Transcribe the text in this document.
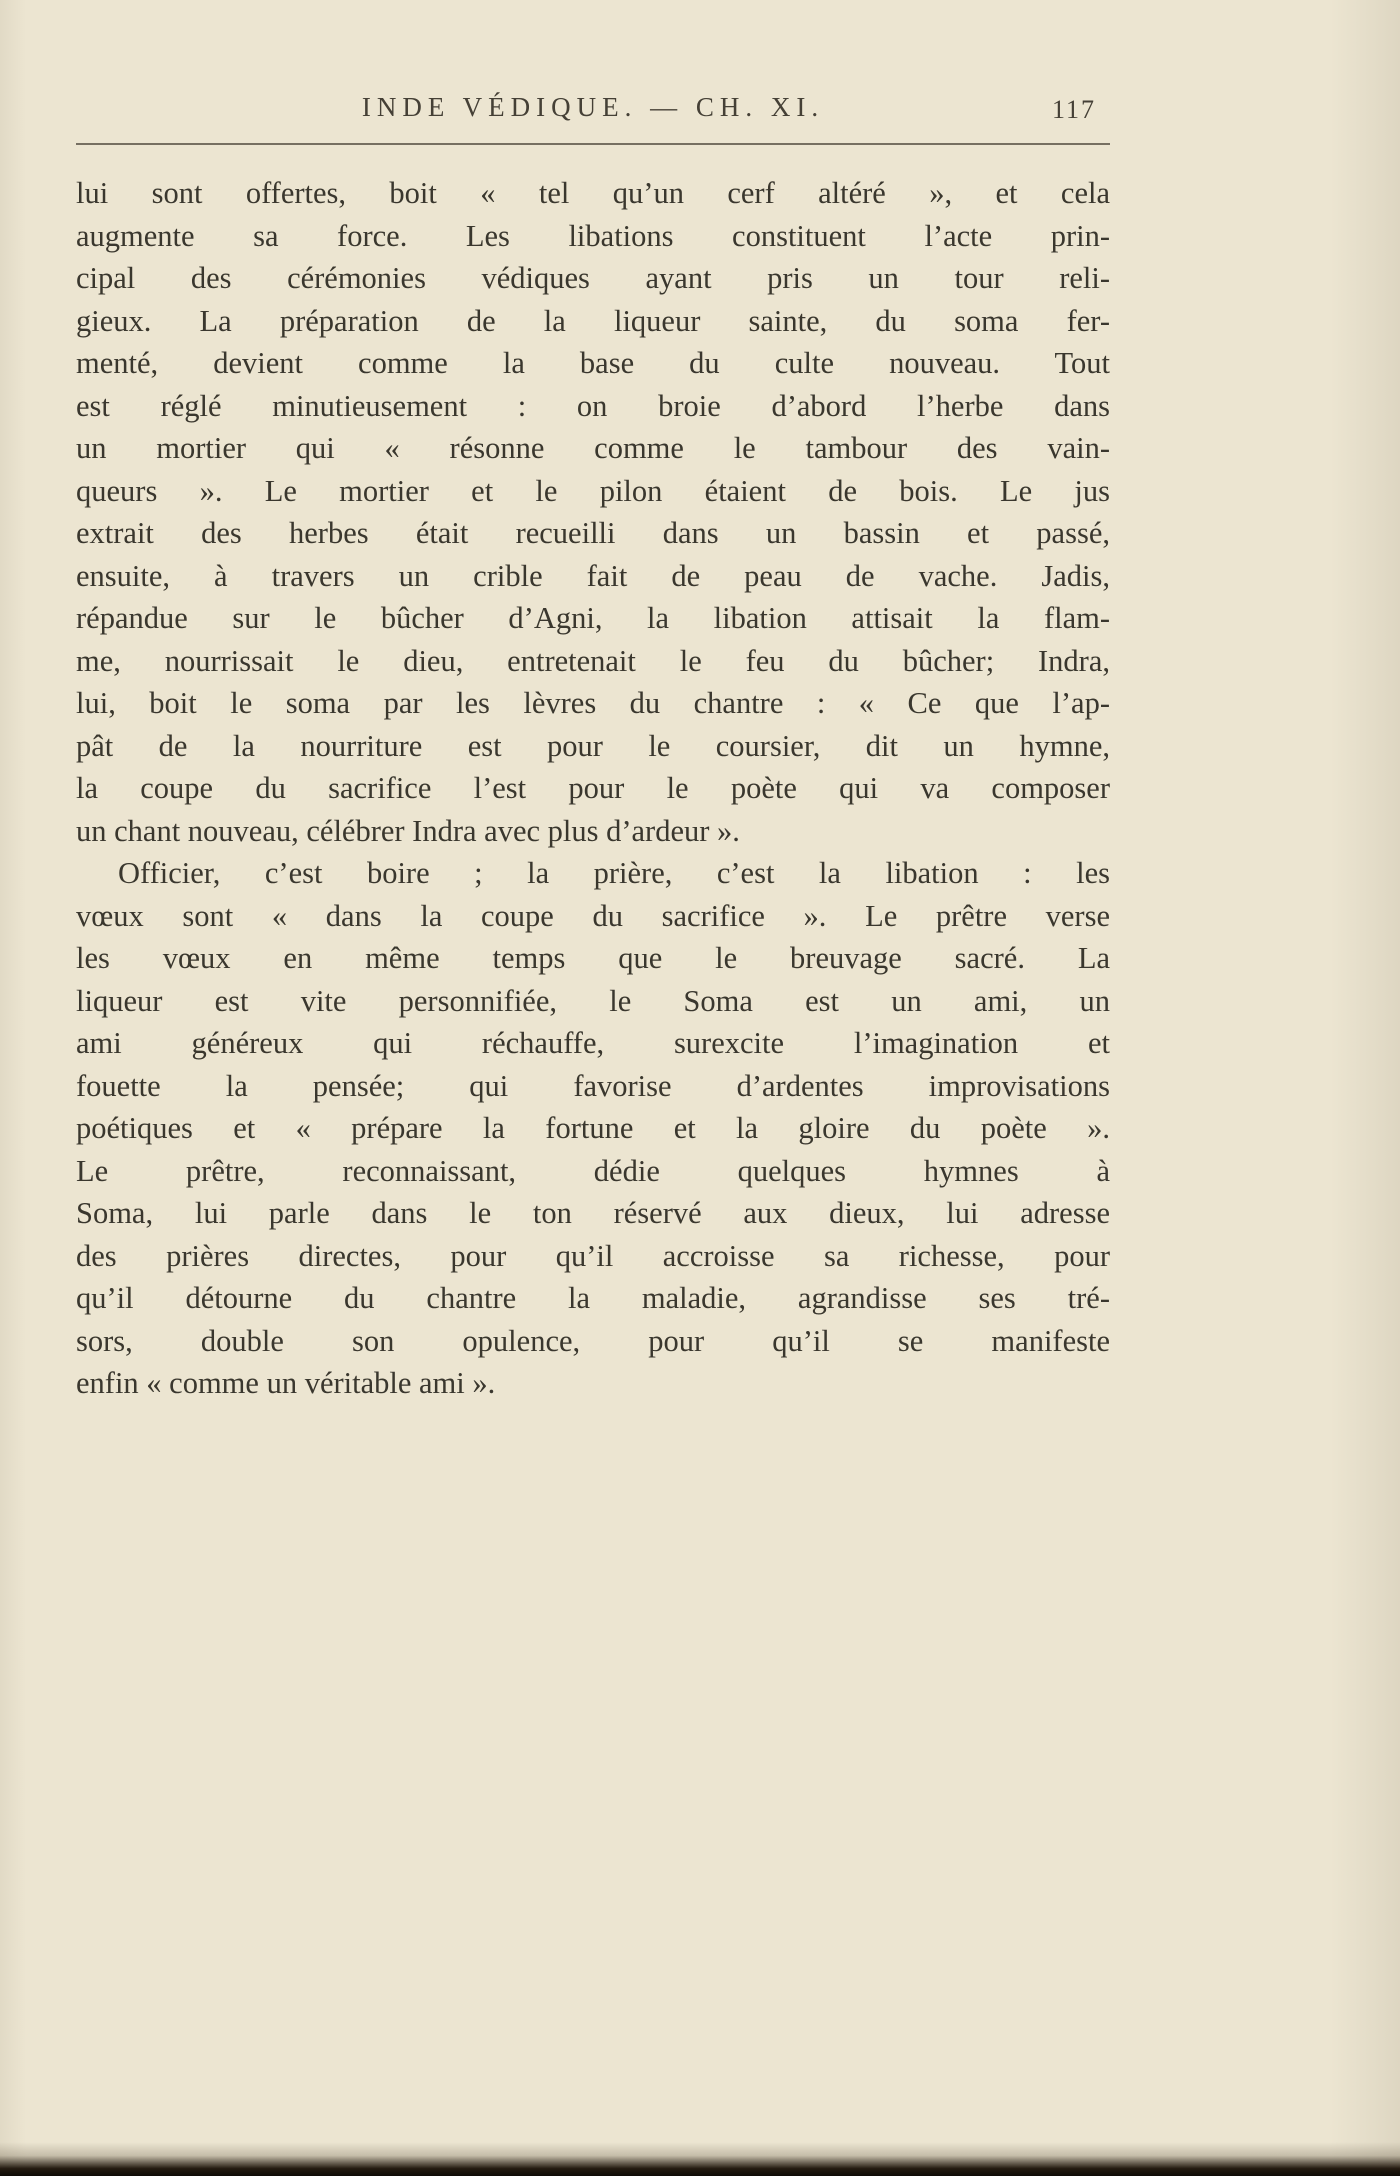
INDE VÉDIQUE. — CH. XI.	117
lui sont offertes, boit « tel qu’un cerf altéré », et cela
augmente sa force. Les libations constituent l’acte prin-
cipal des cérémonies védiques ayant pris un tour reli-
gieux. La préparation de la liqueur sainte, du soma fer-
menté, devient comme la base du culte nouveau. Tout
est réglé minutieusement : on broie d’abord l’herbe dans
un mortier qui « résonne comme le tambour des vain-
queurs ». Le mortier et le pilon étaient de bois. Le jus
extrait des herbes était recueilli dans un bassin et passé,
ensuite, à travers un crible fait de peau de vache. Jadis,
répandue sur le bûcher d’Agni, la libation attisait la flam-
me, nourrissait le dieu, entretenait le feu du bûcher; Indra,
lui, boit le soma par les lèvres du chantre : « Ce que l’ap-
pât de la nourriture est pour le coursier, dit un hymne,
la coupe du sacrifice l’est pour le poète qui va composer
un chant nouveau, célébrer Indra avec plus d’ardeur ».
Officier, c’est boire ; la prière, c’est la libation : les
vœux sont « dans la coupe du sacrifice ». Le prêtre verse
les vœux en même temps que le breuvage sacré. La
liqueur est vite personnifiée, le Soma est un ami, un
ami généreux qui réchauffe, surexcite l’imagination et
fouette la pensée; qui favorise d’ardentes improvisations
poétiques et « prépare la fortune et la gloire du poète ».
Le prêtre, reconnaissant, dédie quelques hymnes à
Soma, lui parle dans le ton réservé aux dieux, lui adresse
des prières directes, pour qu’il accroisse sa richesse, pour
qu’il détourne du chantre la maladie, agrandisse ses tré-
sors, double son opulence, pour qu’il se manifeste
enfin « comme un véritable ami ».
